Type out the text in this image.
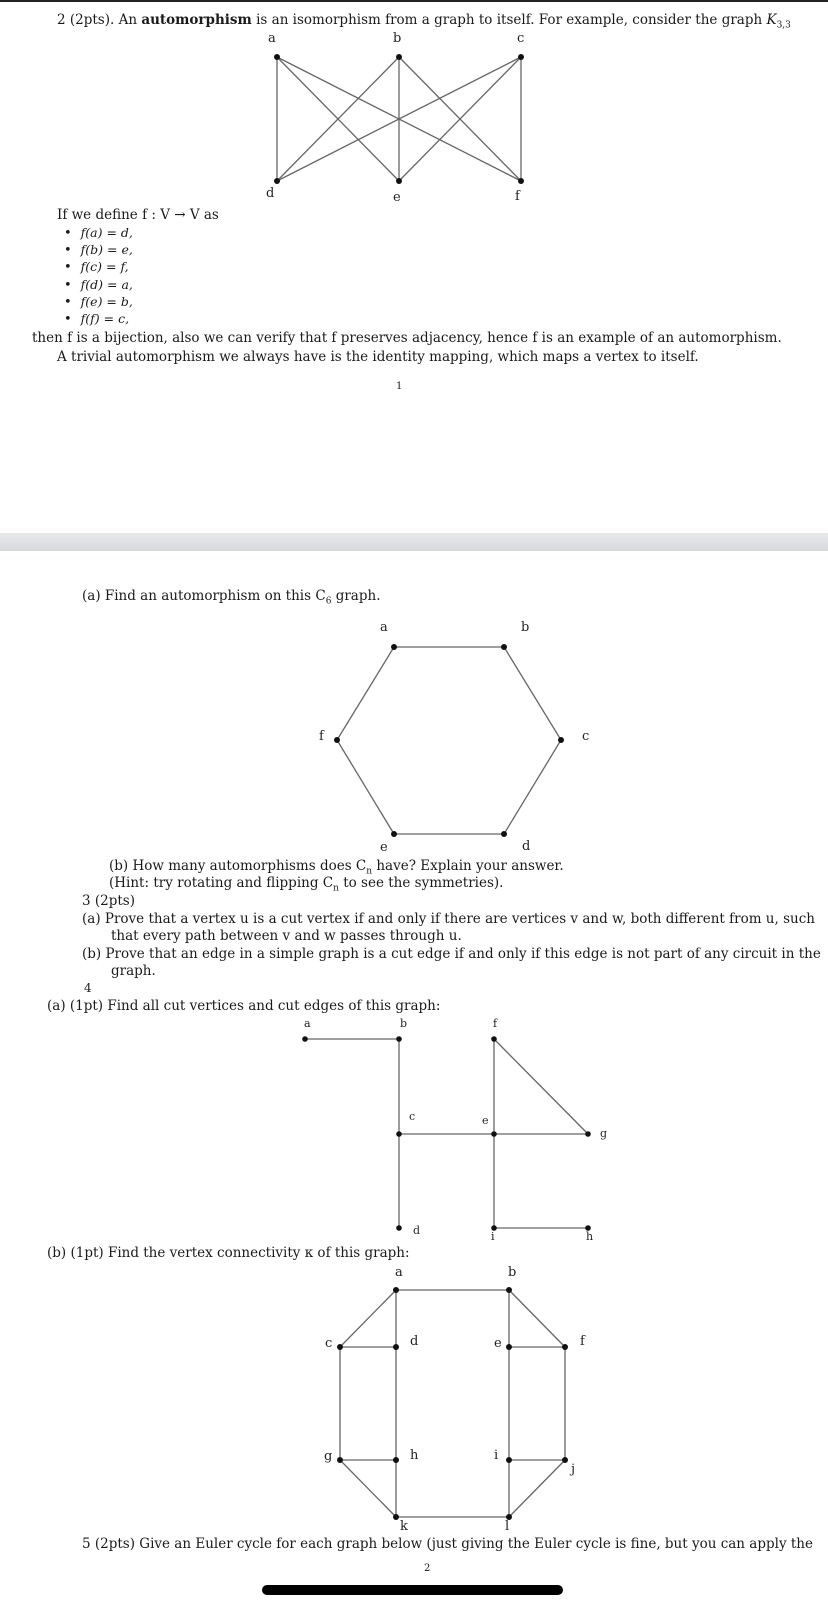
2 (2pts). An automorphism is an isomorphism from a graph to itself. For example, consider the graph $K_{3,3}$
a	b	c
d	e	f
a	b
c
d
e
f
a	b
c
d
e
f
g
h
i
a	b
c	d	e	f
g	h	i
j
k	l
If we define f : V → V as
• f(a) = d,
• f(b) = e,
• f(c) = f,
• f(d) = a,
• f(e) = b,
• f(f) = c,
then f is a bijection, also we can verify that f preserves adjacency, hence f is an example of an automorphism.
A trivial automorphism we always have is the identity mapping, which maps a vertex to itself.
1
(a) Find an automorphism on this $C_6$ graph.
(b) How many automorphisms does $C_n$ have? Explain your answer.
(Hint: try rotating and flipping $C_n$ to see the symmetries).
3 (2pts)
(a) Prove that a vertex u is a cut vertex if and only if there are vertices v and w, both different from u, such
that every path between v and w passes through u.
(b) Prove that an edge in a simple graph is a cut edge if and only if this edge is not part of any circuit in the
graph.
4
(a) (1pt) Find all cut vertices and cut edges of this graph:
(b) (1pt) Find the vertex connectivity κ of this graph:
5 (2pts) Give an Euler cycle for each graph below (just giving the Euler cycle is fine, but you can apply the
2
